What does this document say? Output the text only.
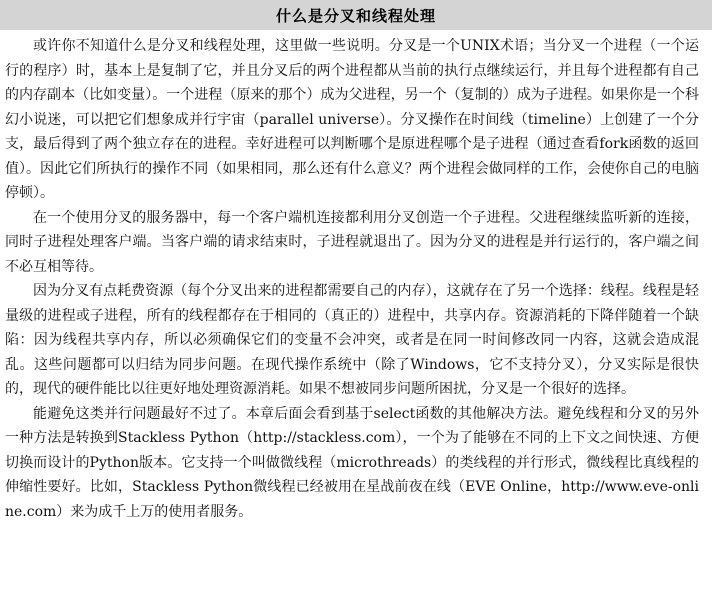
什么是分叉和线程处理

或许你不知道什么是分叉和线程处理，这里做一些说明。分叉是一个UNIX术语；当分叉一个进程（一个运行的程序）时，基本上是复制了它，并且分叉后的两个进程都从当前的执行点继续运行，并且每个进程都有自己的内存副本（比如变量）。一个进程（原来的那个）成为父进程，另一个（复制的）成为子进程。如果你是一个科幻小说迷，可以把它们想象成并行宇宙（parallel universe）。分叉操作在时间线（timeline）上创建了一个分支，最后得到了两个独立存在的进程。幸好进程可以判断哪个是原进程哪个是子进程（通过查看fork函数的返回值）。因此它们所执行的操作不同（如果相同，那么还有什么意义？两个进程会做同样的工作，会使你自己的电脑停顿）。

在一个使用分叉的服务器中，每一个客户端机连接都利用分叉创造一个子进程。父进程继续监听新的连接，同时子进程处理客户端。当客户端的请求结束时，子进程就退出了。因为分叉的进程是并行运行的，客户端之间不必互相等待。

因为分叉有点耗费资源（每个分叉出来的进程都需要自己的内存），这就存在了另一个选择：线程。线程是轻量级的进程或子进程，所有的线程都存在于相同的（真正的）进程中，共享内存。资源消耗的下降伴随着一个缺陷：因为线程共享内存，所以必须确保它们的变量不会冲突，或者是在同一时间修改同一内容，这就会造成混乱。这些问题都可以归结为同步问题。在现代操作系统中（除了Windows，它不支持分叉），分叉实际是很快的，现代的硬件能比以往更好地处理资源消耗。如果不想被同步问题所困扰，分叉是一个很好的选择。

能避免这类并行问题最好不过了。本章后面会看到基于select函数的其他解决方法。避免线程和分叉的另外一种方法是转换到Stackless Python（http://stackless.com），一个为了能够在不同的上下文之间快速、方便切换而设计的Python版本。它支持一个叫做微线程（microthreads）的类线程的并行形式，微线程比真线程的伸缩性要好。比如，Stackless Python微线程已经被用在星战前夜在线（EVE Online，http://www.eve-online.com）来为成千上万的使用者服务。
